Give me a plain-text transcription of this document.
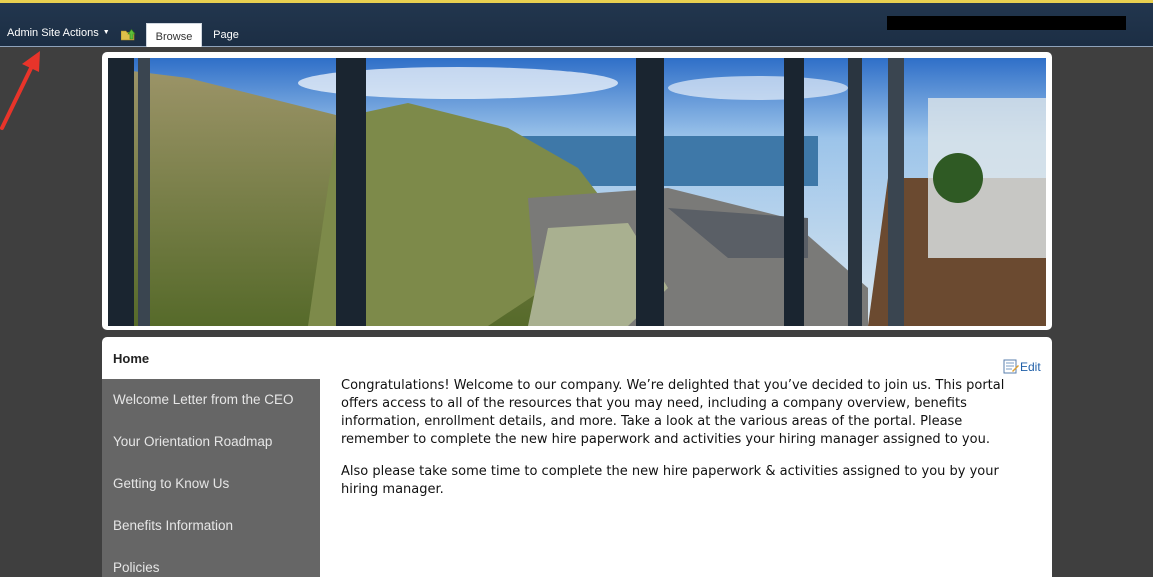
Admin Site Actions ▼	Browse	Page
Home
Welcome Letter from the CEO
Your Orientation Roadmap
Getting to Know Us
Benefits Information
Policies
Edit

Congratulations! Welcome to our company. We’re delighted that you’ve decided to join us. This portal offers access to all of the resources that you may need, including a company overview, benefits information, enrollment details, and more. Take a look at the various areas of the portal. Please remember to complete the new hire paperwork and activities your hiring manager assigned to you.

Also please take some time to complete the new hire paperwork & activities assigned to you by your hiring manager.
